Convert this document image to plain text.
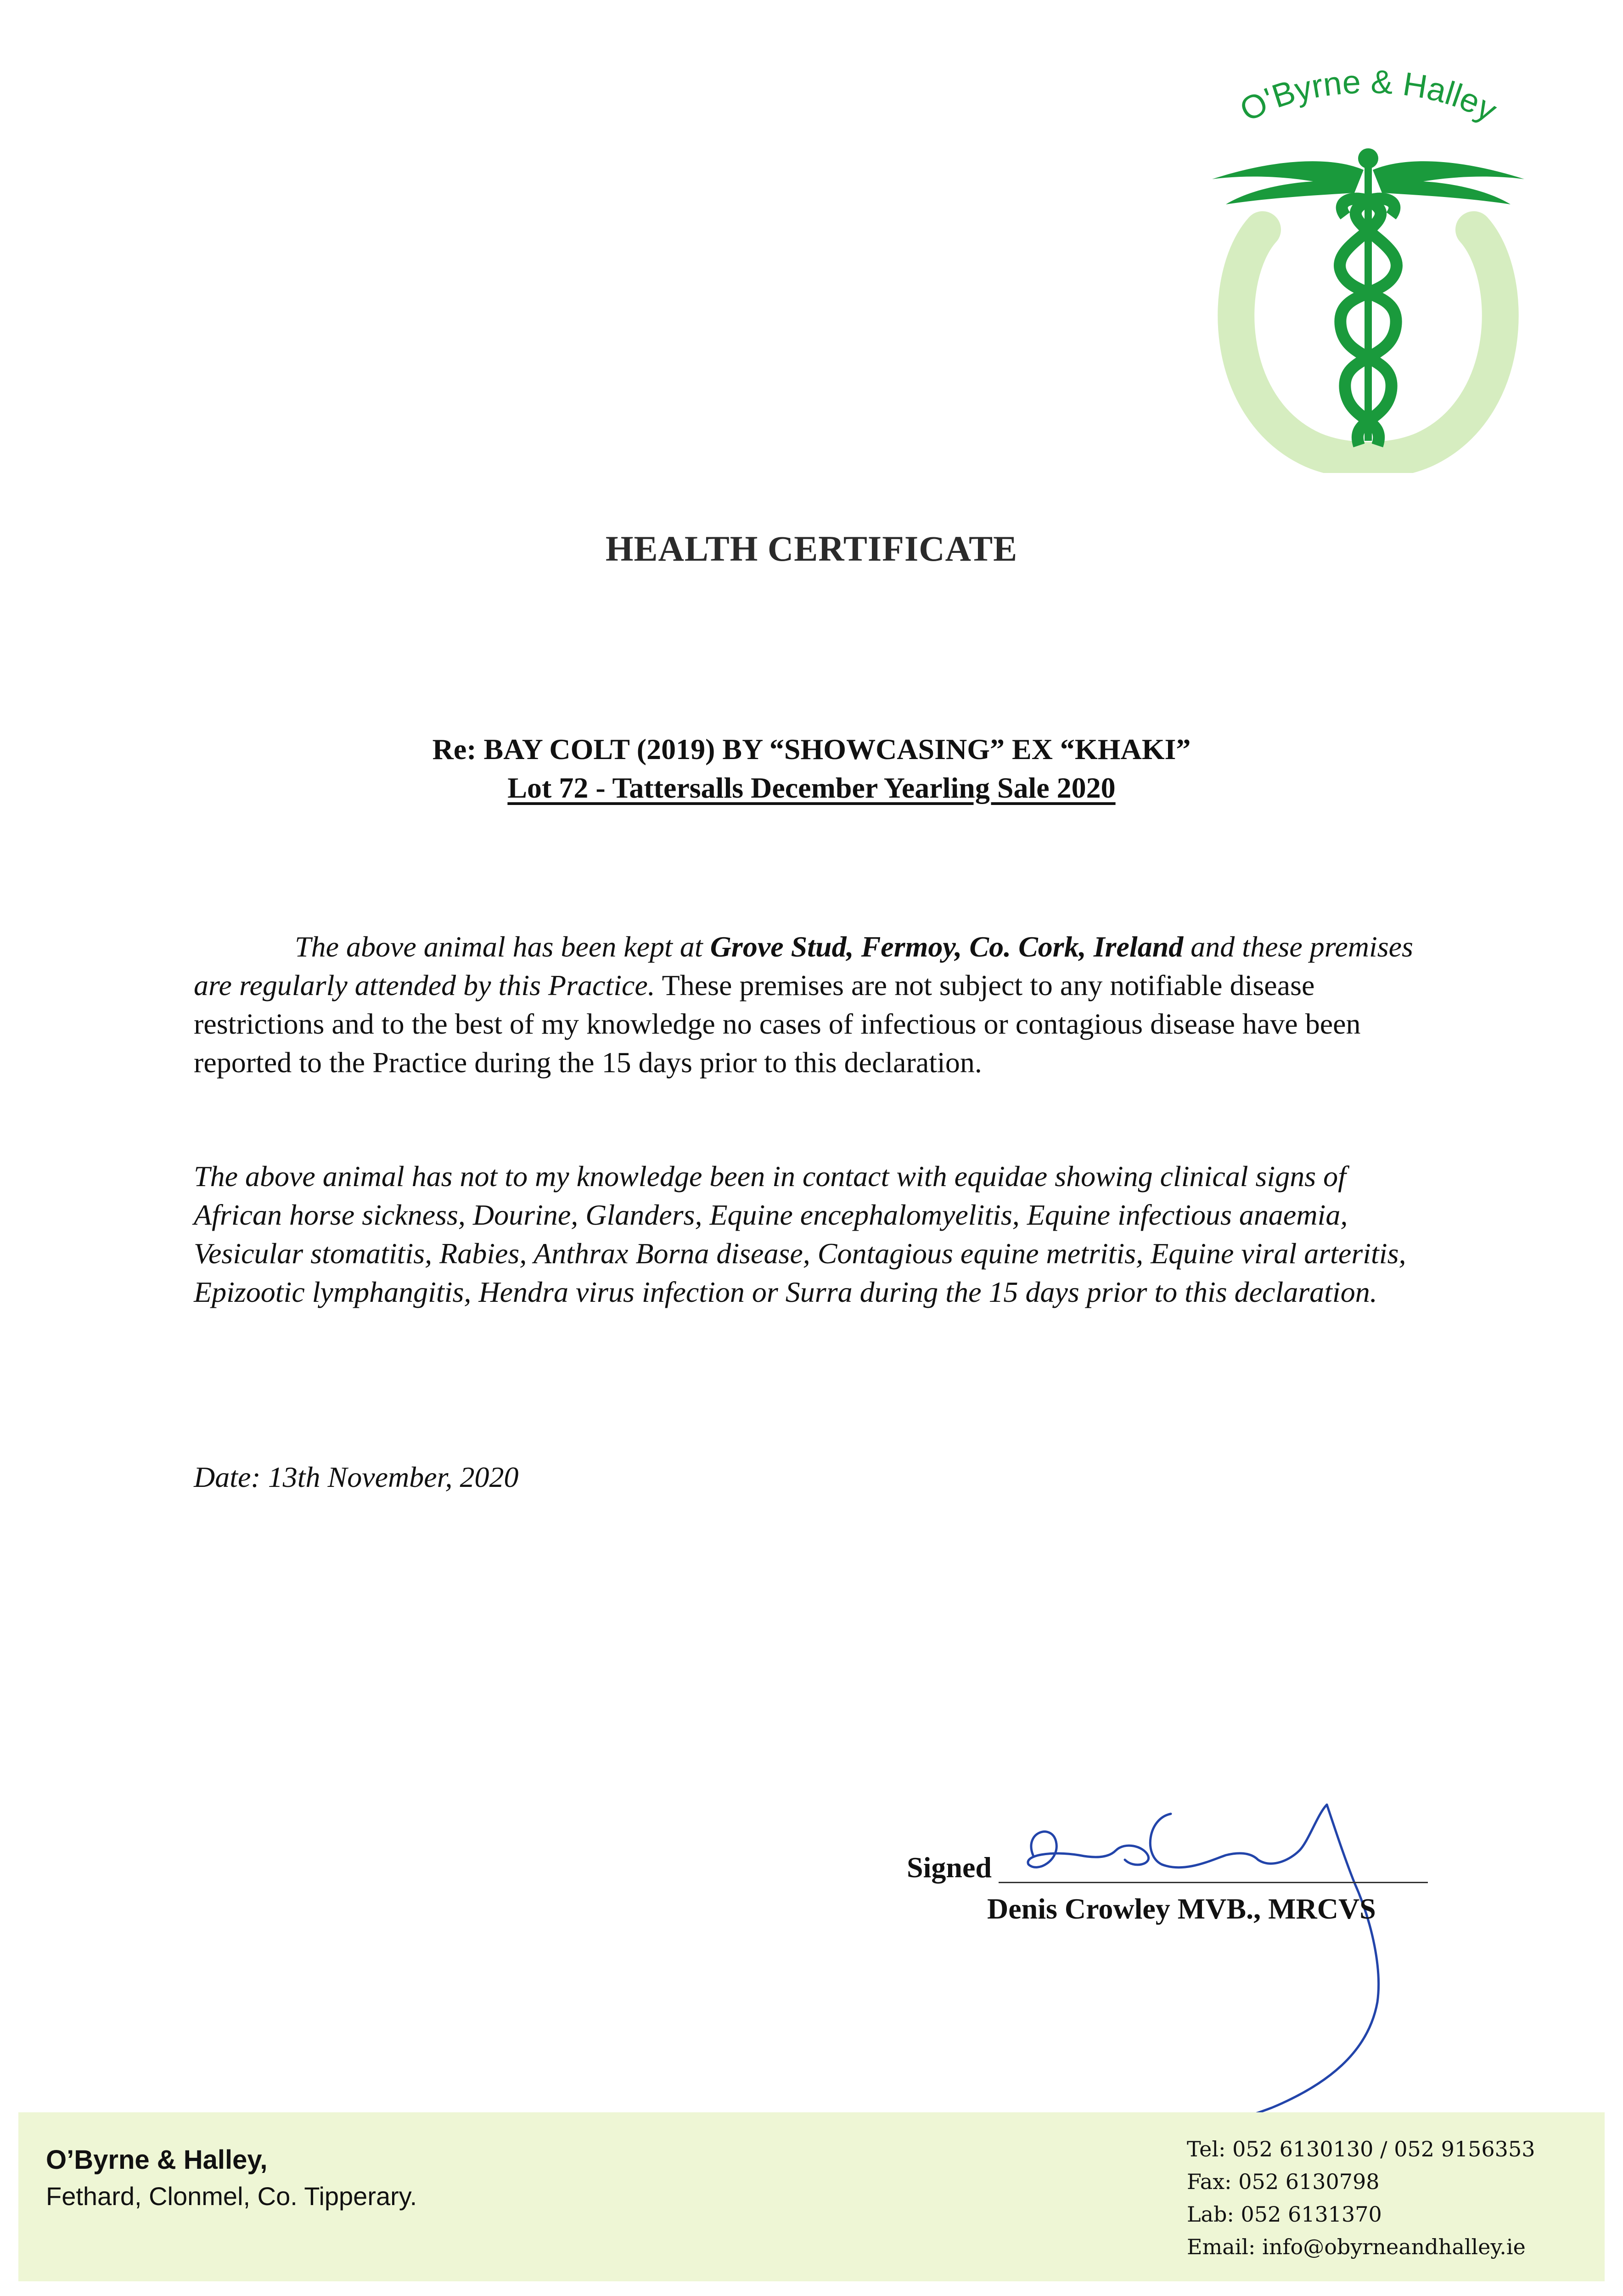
O'Byrne & Halley
HEALTH CERTIFICATE
Re: BAY COLT (2019) BY “SHOWCASING” EX “KHAKI”
Lot 72 - Tattersalls December Yearling Sale 2020
The above animal has been kept at Grove Stud, Fermoy, Co. Cork, Ireland and these premises are regularly attended by this Practice. These premises are not subject to any notifiable disease restrictions and to the best of my knowledge no cases of infectious or contagious disease have been reported to the Practice during the 15 days prior to this declaration.
The above animal has not to my knowledge been in contact with equidae showing clinical signs of African horse sickness, Dourine, Glanders, Equine encephalomyelitis, Equine infectious anaemia, Vesicular stomatitis, Rabies, Anthrax Borna disease, Contagious equine metritis, Equine viral arteritis, Epizootic lymphangitis, Hendra virus infection or Surra during the 15 days prior to this declaration.
Date: 13th November, 2020
Signed
Denis Crowley MVB., MRCVS
O’Byrne & Halley,
Fethard, Clonmel, Co. Tipperary.
Tel: 052 6130130 / 052 9156353
Fax: 052 6130798
Lab: 052 6131370
Email: info@obyrneandhalley.ie
